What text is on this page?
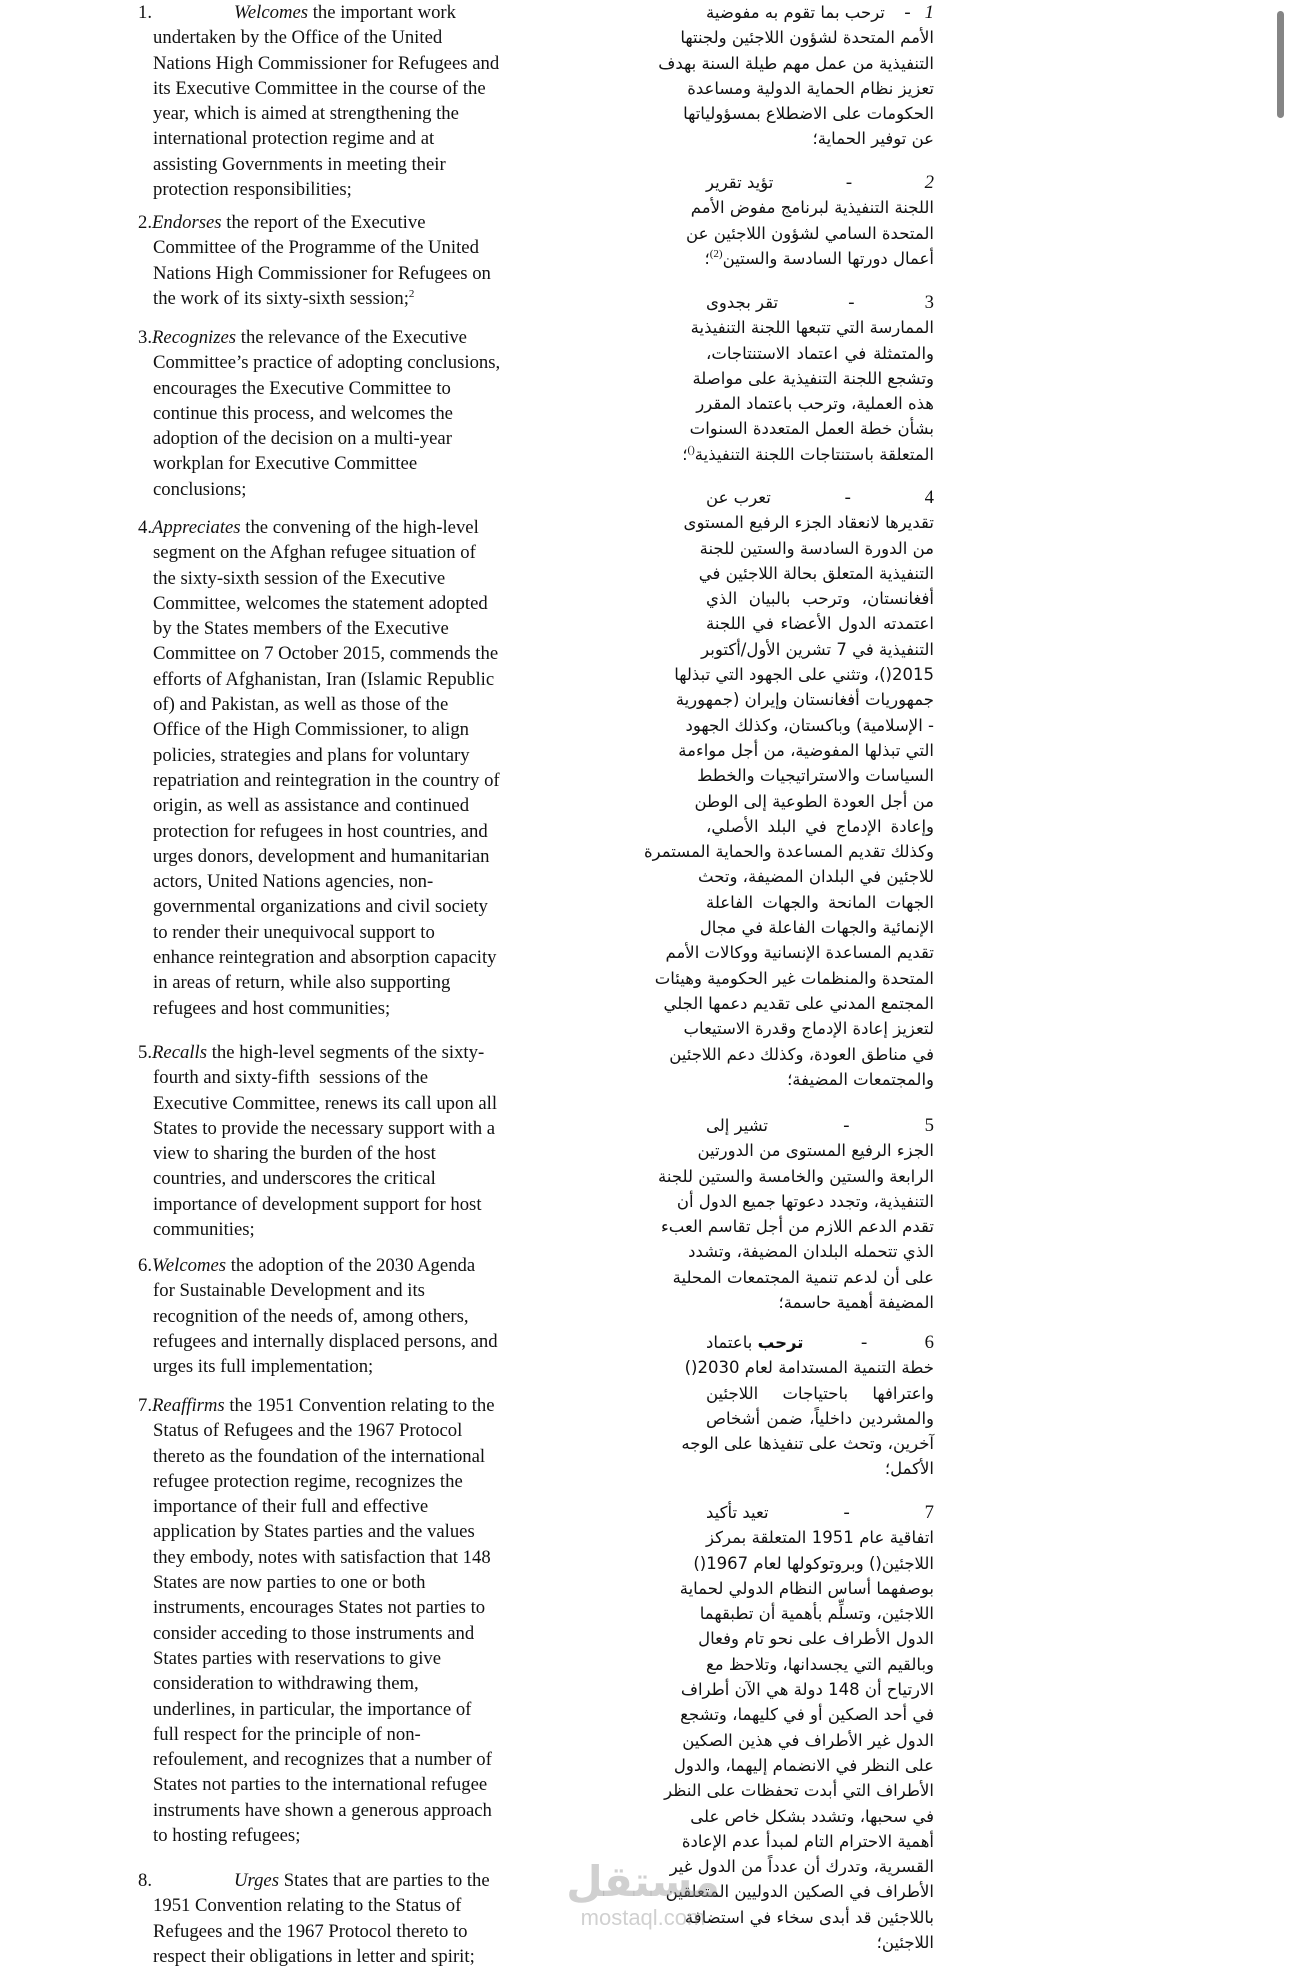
1.	Welcomes the important work
undertaken by the Office of the United
Nations High Commissioner for Refugees and
its Executive Committee in the course of the
year, which is aimed at strengthening the
international protection regime and at
assisting Governments in meeting their
protection responsibilities;
2.Endorses the report of the Executive
Committee of the Programme of the United
Nations High Commissioner for Refugees on
the work of its sixty-sixth session;$^2$
3.Recognizes the relevance of the Executive
Committee’s practice of adopting conclusions,
encourages the Executive Committee to
continue this process, and welcomes the
adoption of the decision on a multi-year
workplan for Executive Committee
conclusions;
4.Appreciates the convening of the high-level
segment on the Afghan refugee situation of
the sixty-sixth session of the Executive
Committee, welcomes the statement adopted
by the States members of the Executive
Committee on 7 October 2015, commends the
efforts of Afghanistan, Iran (Islamic Republic
of) and Pakistan, as well as those of the
Office of the High Commissioner, to align
policies, strategies and plans for voluntary
repatriation and reintegration in the country of
origin, as well as assistance and continued
protection for refugees in host countries, and
urges donors, development and humanitarian
actors, United Nations agencies, non-
governmental organizations and civil society
to render their unequivocal support to
enhance reintegration and absorption capacity
in areas of return, while also supporting
refugees and host communities;
5.Recalls the high-level segments of the sixty-
fourth and sixty-fifth  sessions of the
Executive Committee, renews its call upon all
States to provide the necessary support with a
view to sharing the burden of the host
countries, and underscores the critical
importance of development support for host
communities;
6.Welcomes the adoption of the 2030 Agenda
for Sustainable Development and its
recognition of the needs of, among others,
refugees and internally displaced persons, and
urges its full implementation;
7.Reaffirms the 1951 Convention relating to the
Status of Refugees and the 1967 Protocol
thereto as the foundation of the international
refugee protection regime, recognizes the
importance of their full and effective
application by States parties and the values
they embody, notes with satisfaction that 148
States are now parties to one or both
instruments, encourages States not parties to
consider acceding to those instruments and
States parties with reservations to give
consideration to withdrawing them,
underlines, in particular, the importance of
full respect for the principle of non-
refoulement, and recognizes that a number of
States not parties to the international refugee
instruments have shown a generous approach
to hosting refugees;
8.	Urges States that are parties to the
1951 Convention relating to the Status of
Refugees and the 1967 Protocol thereto to
respect their obligations in letter and spirit;
1
-
ترحب بما تقوم به مفوضية
الأمم المتحدة لشؤون اللاجئين ولجنتها
التنفيذية من عمل مهم طيلة السنة بهدف
تعزيز نظام الحماية الدولية ومساعدة
الحكومات على الاضطلاع بمسؤولياتها
عن توفير الحماية؛
2
-
تؤيد تقرير
اللجنة التنفيذية لبرنامج مفوض الأمم
المتحدة السامي لشؤون اللاجئين عن
أعمال دورتها السادسة والستين$^{(2)}$؛
3
-
تقر بجدوى
الممارسة التي تتبعها اللجنة التنفيذية
والمتمثلة في اعتماد الاستنتاجات،
وتشجع اللجنة التنفيذية على مواصلة
هذه العملية، وترحب باعتماد المقرر
بشأن خطة العمل المتعددة السنوات
المتعلقة باستنتاجات اللجنة التنفيذية()؛
4
-
تعرب عن
تقديرها لانعقاد الجزء الرفيع المستوى
من الدورة السادسة والستين للجنة
التنفيذية المتعلق بحالة اللاجئين في
أفغانستان، وترحب بالبيان الذي
اعتمدته الدول الأعضاء في اللجنة
التنفيذية في 7 تشرين الأول/أكتوبر
2015()، وتثني على الجهود التي تبذلها
جمهوريات أفغانستان وإيران (جمهورية
- الإسلامية) وباكستان، وكذلك الجهود
التي تبذلها المفوضية، من أجل مواءمة
السياسات والاستراتيجيات والخطط
من أجل العودة الطوعية إلى الوطن
وإعادة الإدماج في البلد الأصلي،
وكذلك تقديم المساعدة والحماية المستمرة
للاجئين في البلدان المضيفة، وتحث
الجهات المانحة والجهات الفاعلة
الإنمائية والجهات الفاعلة في مجال
تقديم المساعدة الإنسانية ووكالات الأمم
المتحدة والمنظمات غير الحكومية وهيئات
المجتمع المدني على تقديم دعمها الجلي
لتعزيز إعادة الإدماج وقدرة الاستيعاب
في مناطق العودة، وكذلك دعم اللاجئين
والمجتمعات المضيفة؛
5
-
تشير إلى
الجزء الرفيع المستوى من الدورتين
الرابعة والستين والخامسة والستين للجنة
التنفيذية، وتجدد دعوتها جميع الدول أن
تقدم الدعم اللازم من أجل تقاسم العبء
الذي تتحمله البلدان المضيفة، وتشدد
على أن لدعم تنمية المجتمعات المحلية
المضيفة أهمية حاسمة؛
6
-
ترحب باعتماد
خطة التنمية المستدامة لعام 2030()
واعترافها باحتياجات اللاجئين
والمشردين داخلياً، ضمن أشخاص
آخرين، وتحث على تنفيذها على الوجه
الأكمل؛
7
-
تعيد تأكيد
اتفاقية عام 1951 المتعلقة بمركز
اللاجئين() وبروتوكولها لعام 1967()
بوصفهما أساس النظام الدولي لحماية
اللاجئين، وتسلِّم بأهمية أن تطبقهما
الدول الأطراف على نحو تام وفعال
وبالقيم التي يجسدانها، وتلاحظ مع
الارتياح أن 148 دولة هي الآن أطراف
في أحد الصكين أو في كليهما، وتشجع
الدول غير الأطراف في هذين الصكين
على النظر في الانضمام إليهما، والدول
الأطراف التي أبدت تحفظات على النظر
في سحبها، وتشدد بشكل خاص على
أهمية الاحترام التام لمبدأ عدم الإعادة
القسرية، وتدرك أن عدداً من الدول غير
الأطراف في الصكين الدوليين المتعلقين
باللاجئين قد أبدى سخاء في استضافة
اللاجئين؛
مستقل
mostaql.com
